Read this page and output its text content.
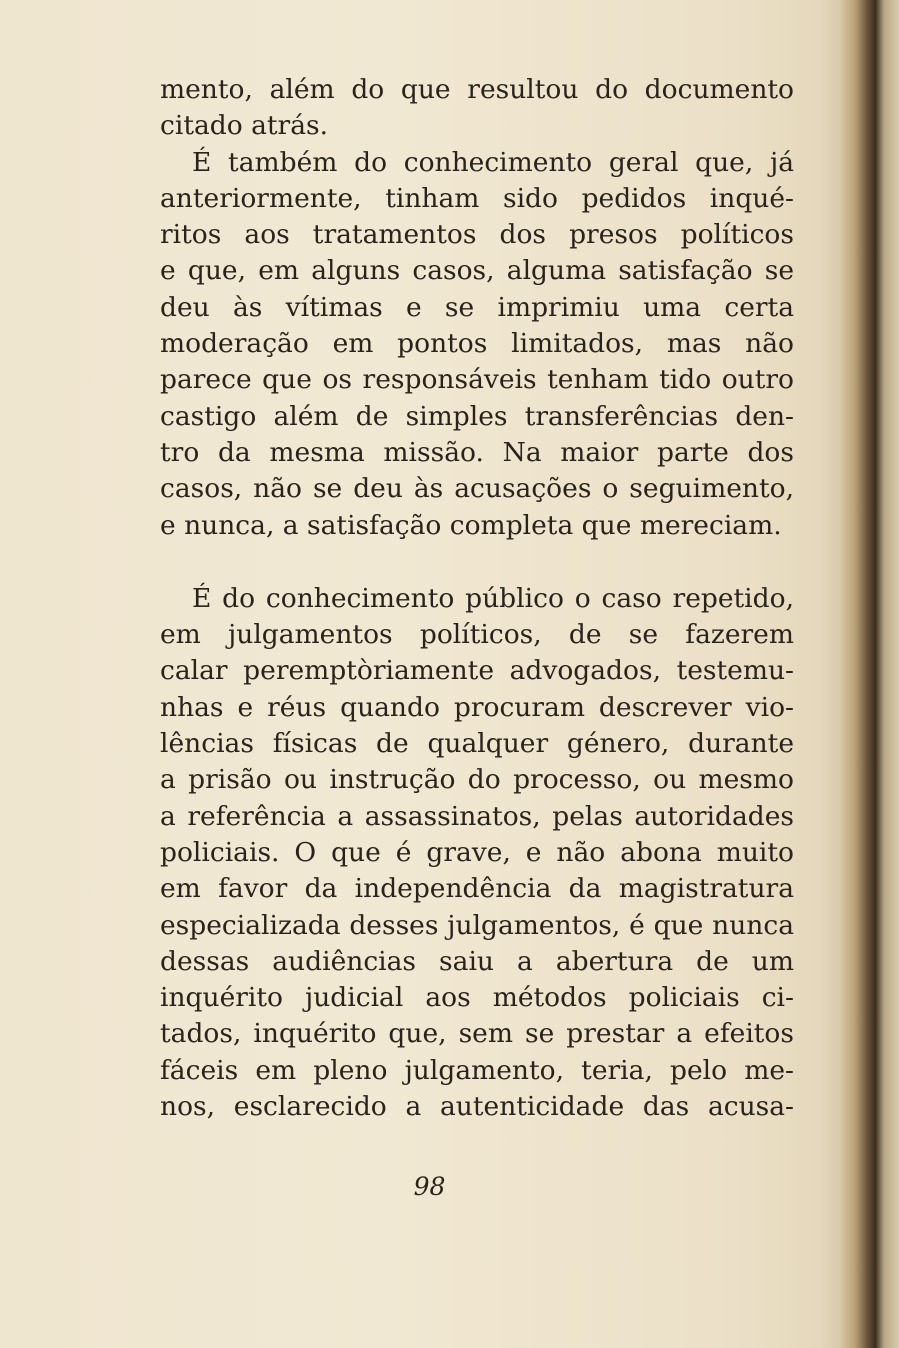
mento, além do que resultou do documento
citado atrás.
É também do conhecimento geral que, já
anteriormente, tinham sido pedidos inqué-
ritos aos tratamentos dos presos políticos
e que, em alguns casos, alguma satisfação se
deu às vítimas e se imprimiu uma certa
moderação em pontos limitados, mas não
parece que os responsáveis tenham tido outro
castigo além de simples transferências den-
tro da mesma missão. Na maior parte dos
casos, não se deu às acusações o seguimento,
e nunca, a satisfação completa que mereciam.
É do conhecimento público o caso repetido,
em julgamentos políticos, de se fazerem
calar peremptòriamente advogados, testemu-
nhas e réus quando procuram descrever vio-
lências físicas de qualquer género, durante
a prisão ou instrução do processo, ou mesmo
a referência a assassinatos, pelas autoridades
policiais. O que é grave, e não abona muito
em favor da independência da magistratura
especializada desses julgamentos, é que nunca
dessas audiências saiu a abertura de um
inquérito judicial aos métodos policiais ci-
tados, inquérito que, sem se prestar a efeitos
fáceis em pleno julgamento, teria, pelo me-
nos, esclarecido a autenticidade das acusa-
98
